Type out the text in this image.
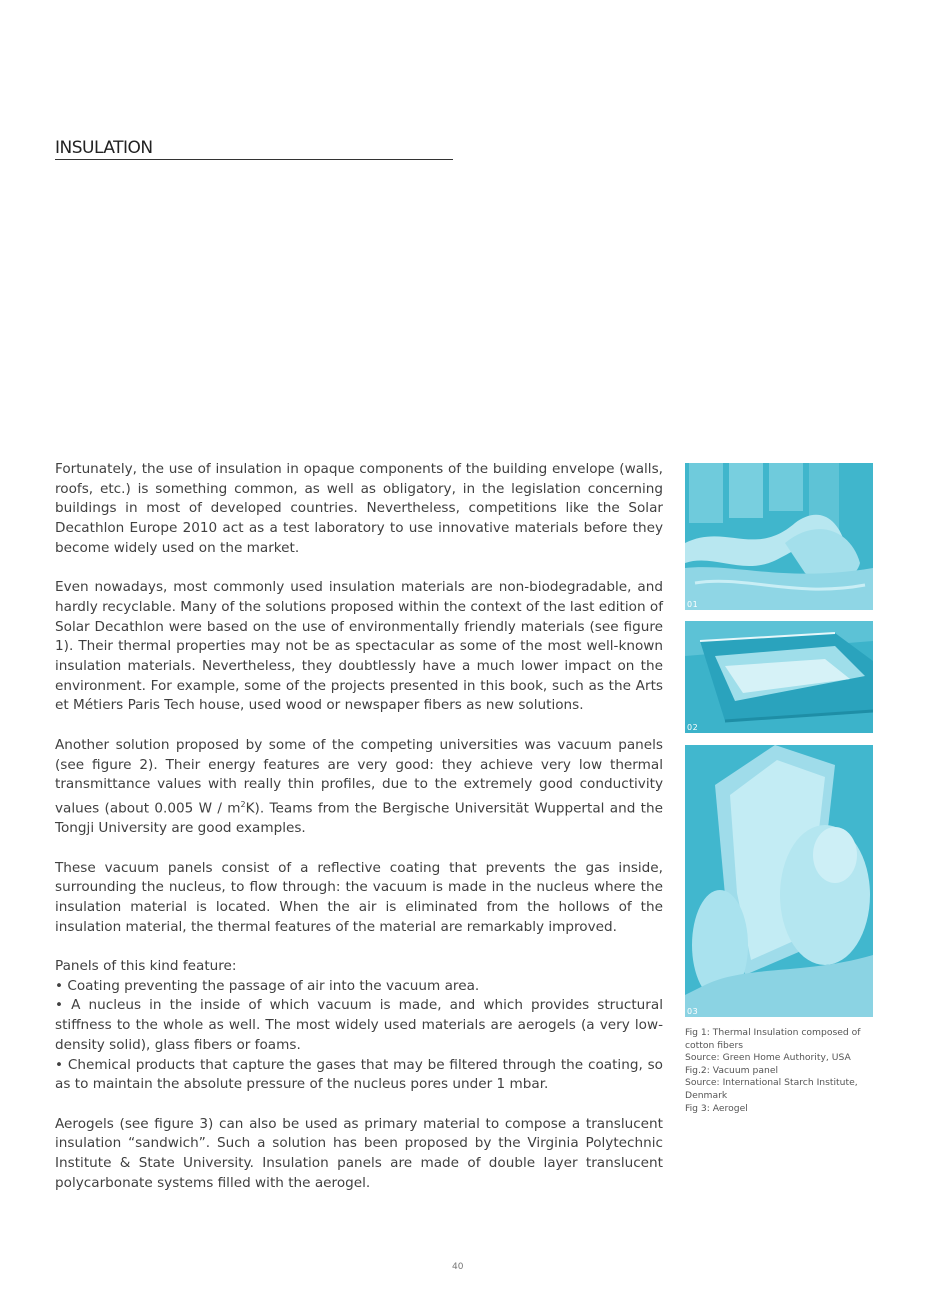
INSULATION

Fortunately, the use of insulation in opaque components of the building envelope (walls, roofs, etc.) is something common, as well as obligatory, in the legislation concerning buildings in most of developed countries. Nevertheless, competitions like the Solar Decathlon Europe 2010 act as a test laboratory to use innovative materials before they become widely used on the market.

Even nowadays, most commonly used insulation materials are non-biodegradable, and hardly recyclable. Many of the solutions proposed within the context of the last edition of Solar Decathlon were based on the use of environmentally friendly materials (see figure 1). Their thermal properties may not be as spectacular as some of the most well-known insulation materials. Nevertheless, they doubtlessly have a much lower impact on the environment. For example, some of the projects presented in this book, such as the Arts et Métiers Paris Tech house, used wood or newspaper fibers as new solutions.

Another solution proposed by some of the competing universities was vacuum panels (see figure 2). Their energy features are very good: they achieve very low thermal transmittance values with really thin profiles, due to the extremely good conductivity values (about 0.005 W / $m^2K$). Teams from the Bergische Universität Wuppertal and the Tongji University are good examples.

These vacuum panels consist of a reflective coating that prevents the gas inside, surrounding the nucleus, to flow through: the vacuum is made in the nucleus where the insulation material is located. When the air is eliminated from the hollows of the insulation material, the thermal features of the material are remarkably improved.

Panels of this kind feature:

• Coating preventing the passage of air into the vacuum area.

• A nucleus in the inside of which vacuum is made, and which provides structural stiffness to the whole as well. The most widely used materials are aerogels (a very low-density solid), glass fibers or foams.

• Chemical products that capture the gases that may be filtered through the coating, so as to maintain the absolute pressure of the nucleus pores under 1 mbar.

Aerogels (see figure 3) can also be used as primary material to compose a translucent insulation “sandwich”. Such a solution has been proposed by the Virginia Polytechnic Institute & State University. Insulation panels are made of double layer translucent polycarbonate systems filled with the aerogel.

01
02
03
Fig 1: Thermal Insulation composed of cotton fibers
Source: Green Home Authority, USA
Fig.2: Vacuum panel
Source: International Starch Institute, Denmark
Fig 3: Aerogel
40
